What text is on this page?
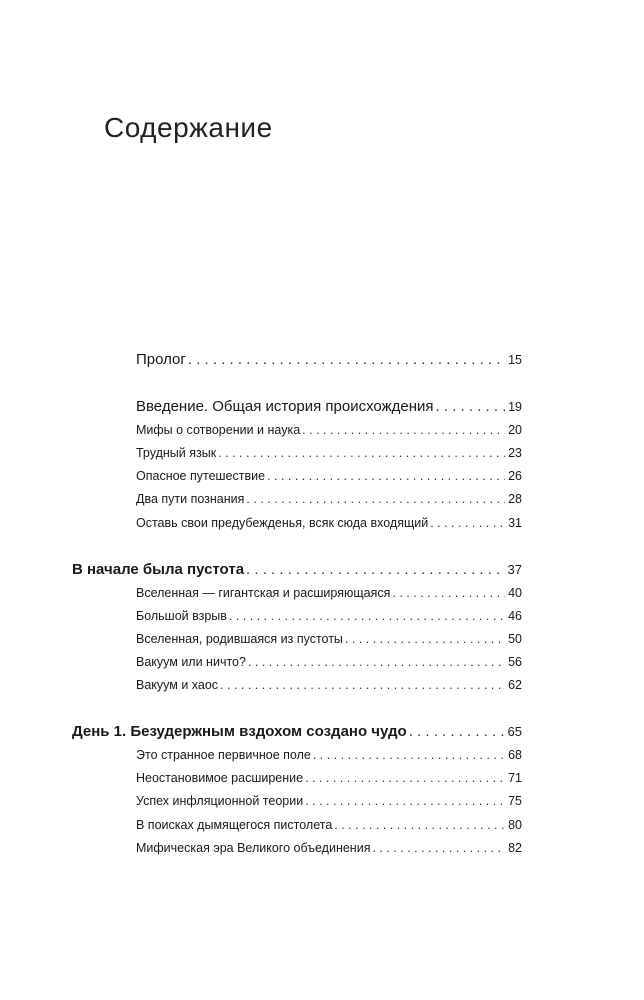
Содержание
Пролог . . .	15
Введение. Общая история происхождения . . .	19
Мифы о сотворении и наука . . .	20
Трудный язык . . .	23
Опасное путешествие . . .	26
Два пути познания . . .	28
Оставь свои предубежденья, всяк сюда входящий . . .	31
В начале была пустота . . .	37
Вселенная — гигантская и расширяющаяся . . .	40
Большой взрыв . . .	46
Вселенная, родившаяся из пустоты . . .	50
Вакуум или ничто? . . .	56
Вакуум и хаос . . .	62
День 1. Безудержным вздохом создано чудо . . .	65
Это странное первичное поле . . .	68
Неостановимое расширение . . .	71
Успех инфляционной теории . . .	75
В поисках дымящегося пистолета . . .	80
Мифическая эра Великого объединения . . .	82
